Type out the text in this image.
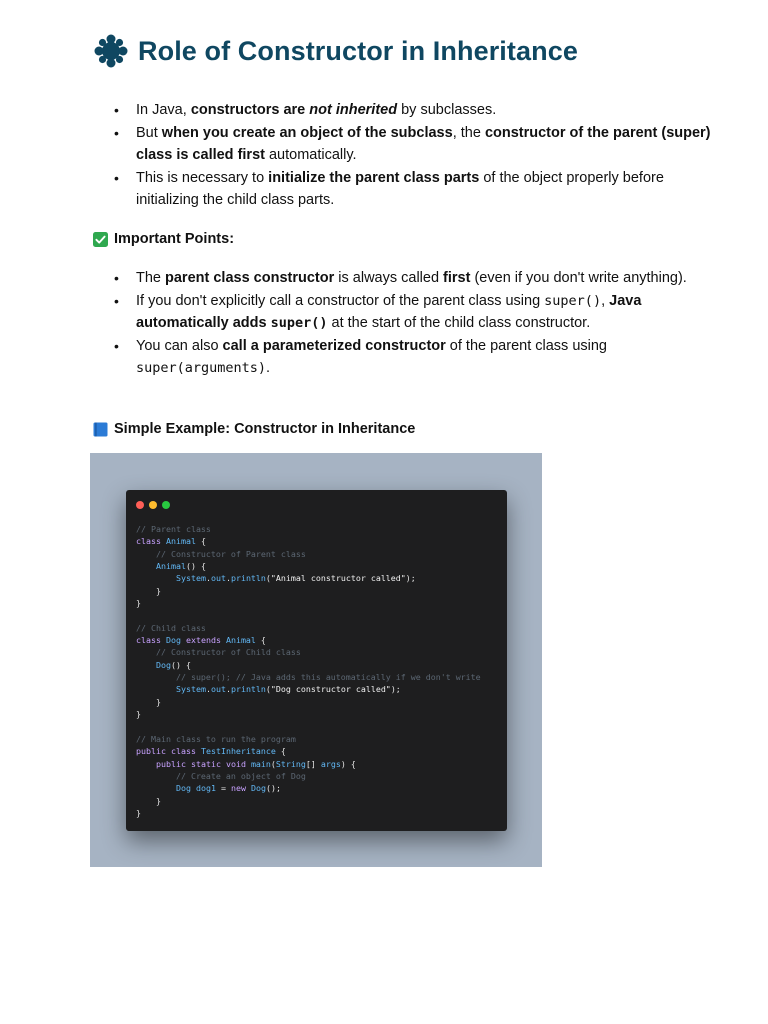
Role of Constructor in Inheritance
• In Java, constructors are not inherited by subclasses.
• But when you create an object of the subclass, the constructor of the parent (super) class is called first automatically.
• This is necessary to initialize the parent class parts of the object properly before initializing the child class parts.
Important Points:
• The parent class constructor is always called first (even if you don't write anything).
• If you don't explicitly call a constructor of the parent class using super(), Java automatically adds super() at the start of the child class constructor.
• You can also call a parameterized constructor of the parent class using super(arguments).
Simple Example: Constructor in Inheritance
// Parent class
class Animal {
// Constructor of Parent class
Animal() {
System.out.println("Animal constructor called");
}
}

// Child class
class Dog extends Animal {
// Constructor of Child class
Dog() {
// super(); // Java adds this automatically if we don't write
System.out.println("Dog constructor called");
}
}

// Main class to run the program
public class TestInheritance {
public static void main(String[] args) {
// Create an object of Dog
Dog dog1 = new Dog();
}
}
